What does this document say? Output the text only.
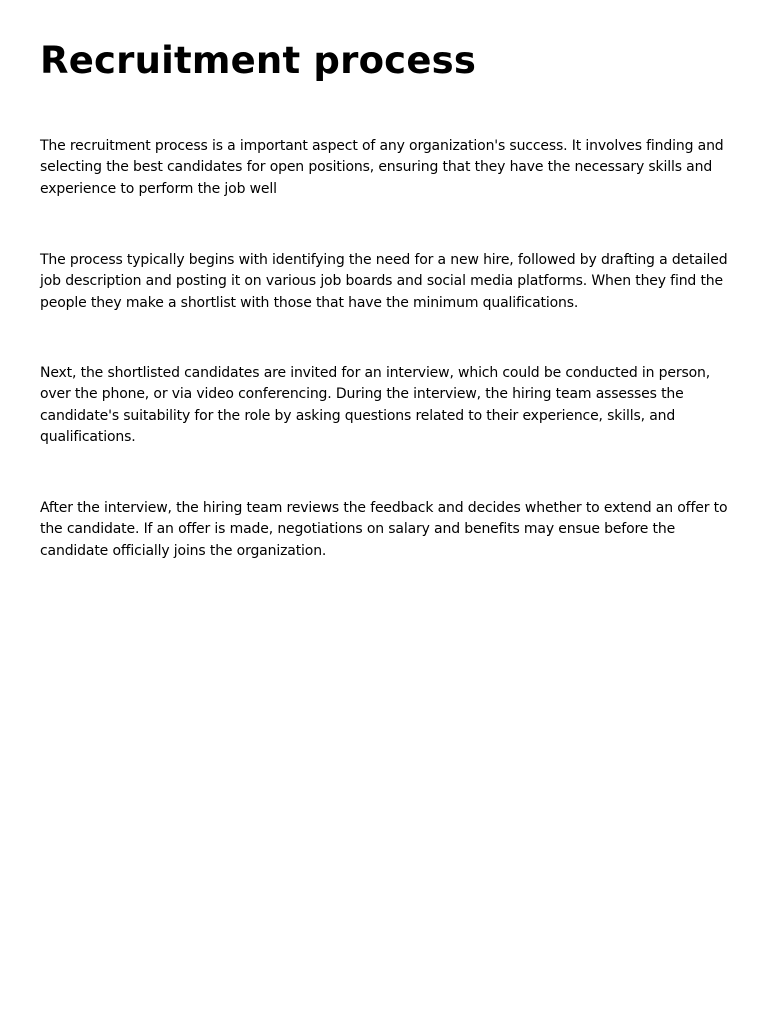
Recruitment process

The recruitment process is a important aspect of any organization's success. It involves finding and selecting the best candidates for open positions, ensuring that they have the necessary skills and experience to perform the job well

The process typically begins with identifying the need for a new hire, followed by drafting a detailed job description and posting it on various job boards and social media platforms. When they find the people they make a shortlist with those that have the minimum qualifications.

Next, the shortlisted candidates are invited for an interview, which could be conducted in person, over the phone, or via video conferencing. During the interview, the hiring team assesses the candidate's suitability for the role by asking questions related to their experience, skills, and qualifications.

After the interview, the hiring team reviews the feedback and decides whether to extend an offer to the candidate. If an offer is made, negotiations on salary and benefits may ensue before the candidate officially joins the organization.
